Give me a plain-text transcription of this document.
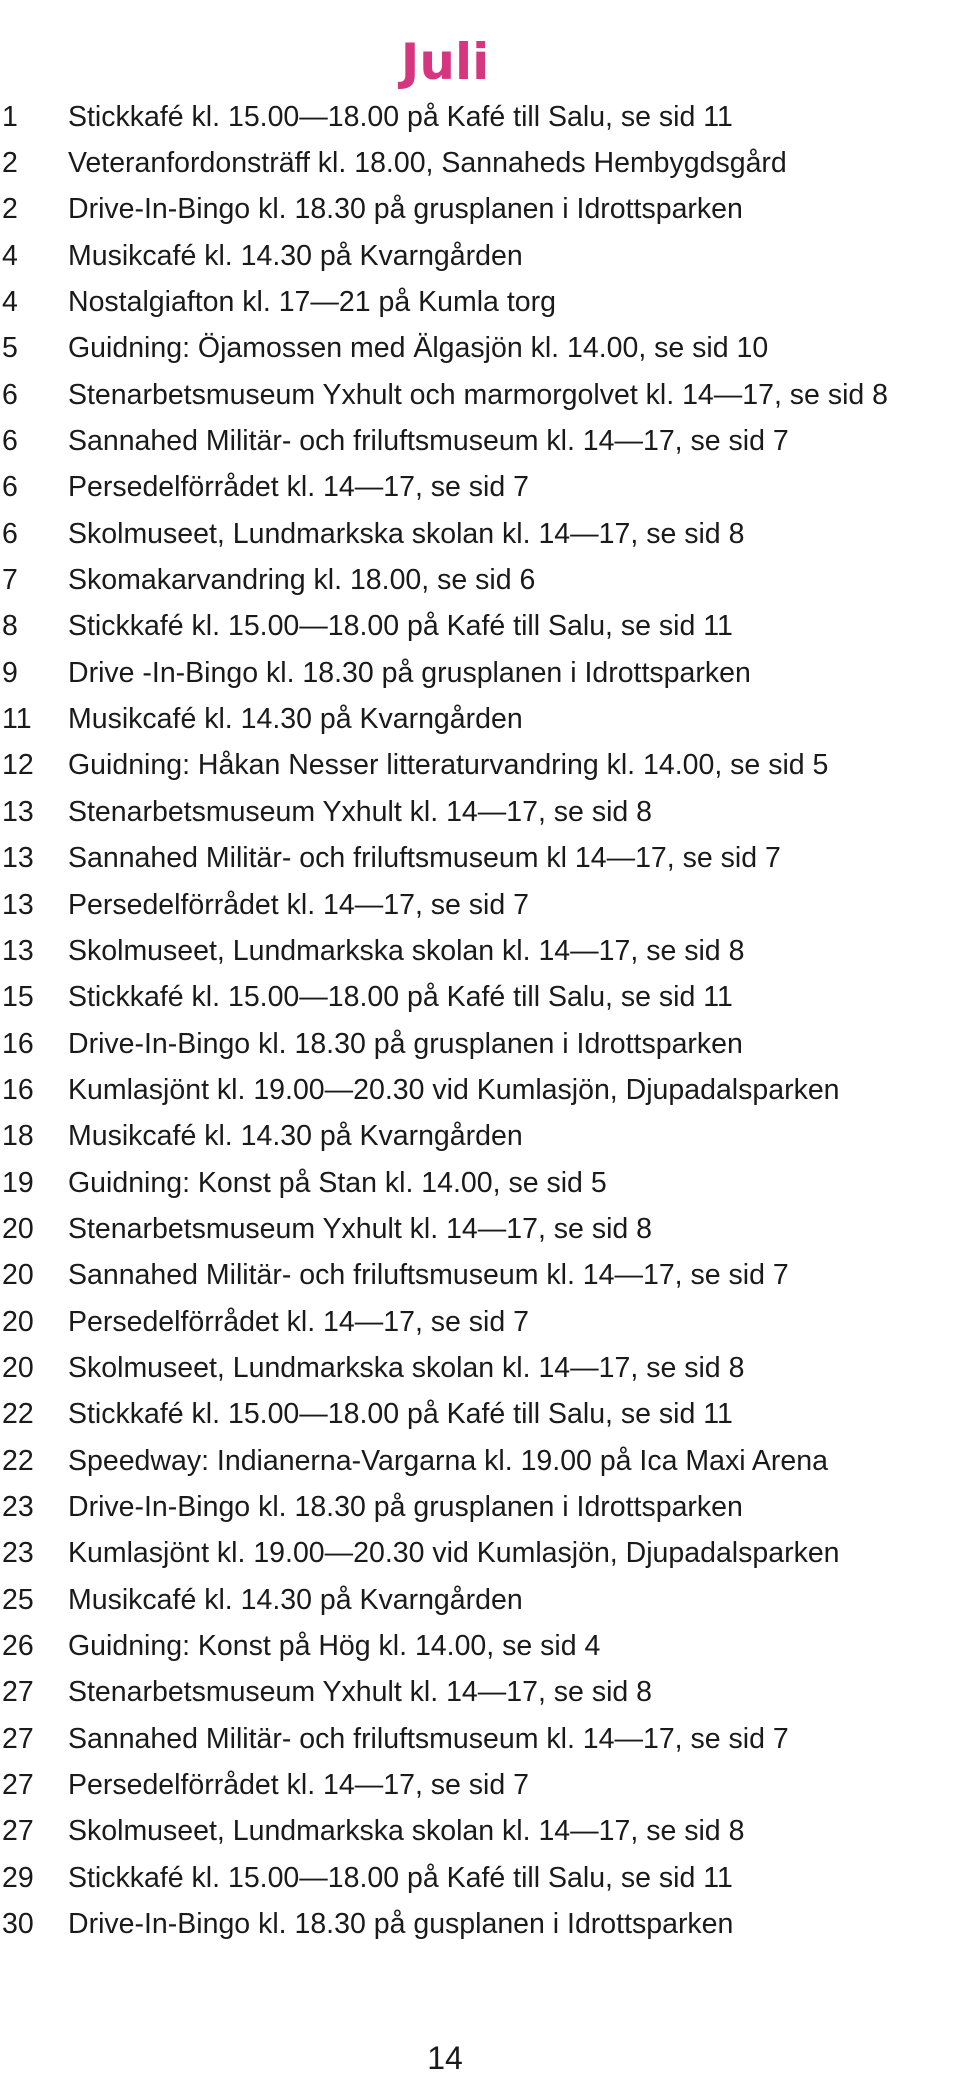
Juli
1	Stickkafé kl. 15.00—18.00 på Kafé till Salu, se sid 11
2	Veteranfordonsträff kl. 18.00, Sannaheds Hembygdsgård
2	Drive-In-Bingo kl. 18.30 på grusplanen i Idrottsparken
4	Musikcafé kl. 14.30 på Kvarngården
4	Nostalgiafton kl. 17—21 på Kumla torg
5	Guidning: Öjamossen med Älgasjön kl. 14.00, se sid 10
6	Stenarbetsmuseum Yxhult och marmorgolvet kl. 14—17, se sid 8
6	Sannahed Militär- och friluftsmuseum kl. 14—17, se sid 7
6	Persedelförrådet kl. 14—17, se sid 7
6	Skolmuseet, Lundmarkska skolan kl. 14—17, se sid 8
7	Skomakarvandring kl. 18.00, se sid 6
8	Stickkafé kl. 15.00—18.00 på Kafé till Salu, se sid 11
9	Drive -In-Bingo kl. 18.30 på grusplanen i Idrottsparken
11	Musikcafé kl. 14.30 på Kvarngården
12	Guidning: Håkan Nesser litteraturvandring kl. 14.00, se sid 5
13	Stenarbetsmuseum Yxhult kl. 14—17, se sid 8
13	Sannahed Militär- och friluftsmuseum kl 14—17, se sid 7
13	Persedelförrådet kl. 14—17, se sid 7
13	Skolmuseet, Lundmarkska skolan kl. 14—17, se sid 8
15	Stickkafé kl. 15.00—18.00 på Kafé till Salu, se sid 11
16	Drive-In-Bingo kl. 18.30 på grusplanen i Idrottsparken
16	Kumlasjönt kl. 19.00—20.30 vid Kumlasjön, Djupadalsparken
18	Musikcafé kl. 14.30 på Kvarngården
19	Guidning: Konst på Stan kl. 14.00, se sid 5
20	Stenarbetsmuseum Yxhult kl. 14—17, se sid 8
20	Sannahed Militär- och friluftsmuseum kl. 14—17, se sid 7
20	Persedelförrådet kl. 14—17, se sid 7
20	Skolmuseet, Lundmarkska skolan kl. 14—17, se sid 8
22	Stickkafé kl. 15.00—18.00 på Kafé till Salu, se sid 11
22	Speedway: Indianerna-Vargarna kl. 19.00 på Ica Maxi Arena
23	Drive-In-Bingo kl. 18.30 på grusplanen i Idrottsparken
23	Kumlasjönt kl. 19.00—20.30 vid Kumlasjön, Djupadalsparken
25	Musikcafé kl. 14.30 på Kvarngården
26	Guidning: Konst på Hög kl. 14.00, se sid 4
27	Stenarbetsmuseum Yxhult kl. 14—17, se sid 8
27	Sannahed Militär- och friluftsmuseum kl. 14—17, se sid 7
27	Persedelförrådet kl. 14—17, se sid 7
27	Skolmuseet, Lundmarkska skolan kl. 14—17, se sid 8
29	Stickkafé kl. 15.00—18.00 på Kafé till Salu, se sid 11
30	Drive-In-Bingo kl. 18.30 på gusplanen i Idrottsparken
14
